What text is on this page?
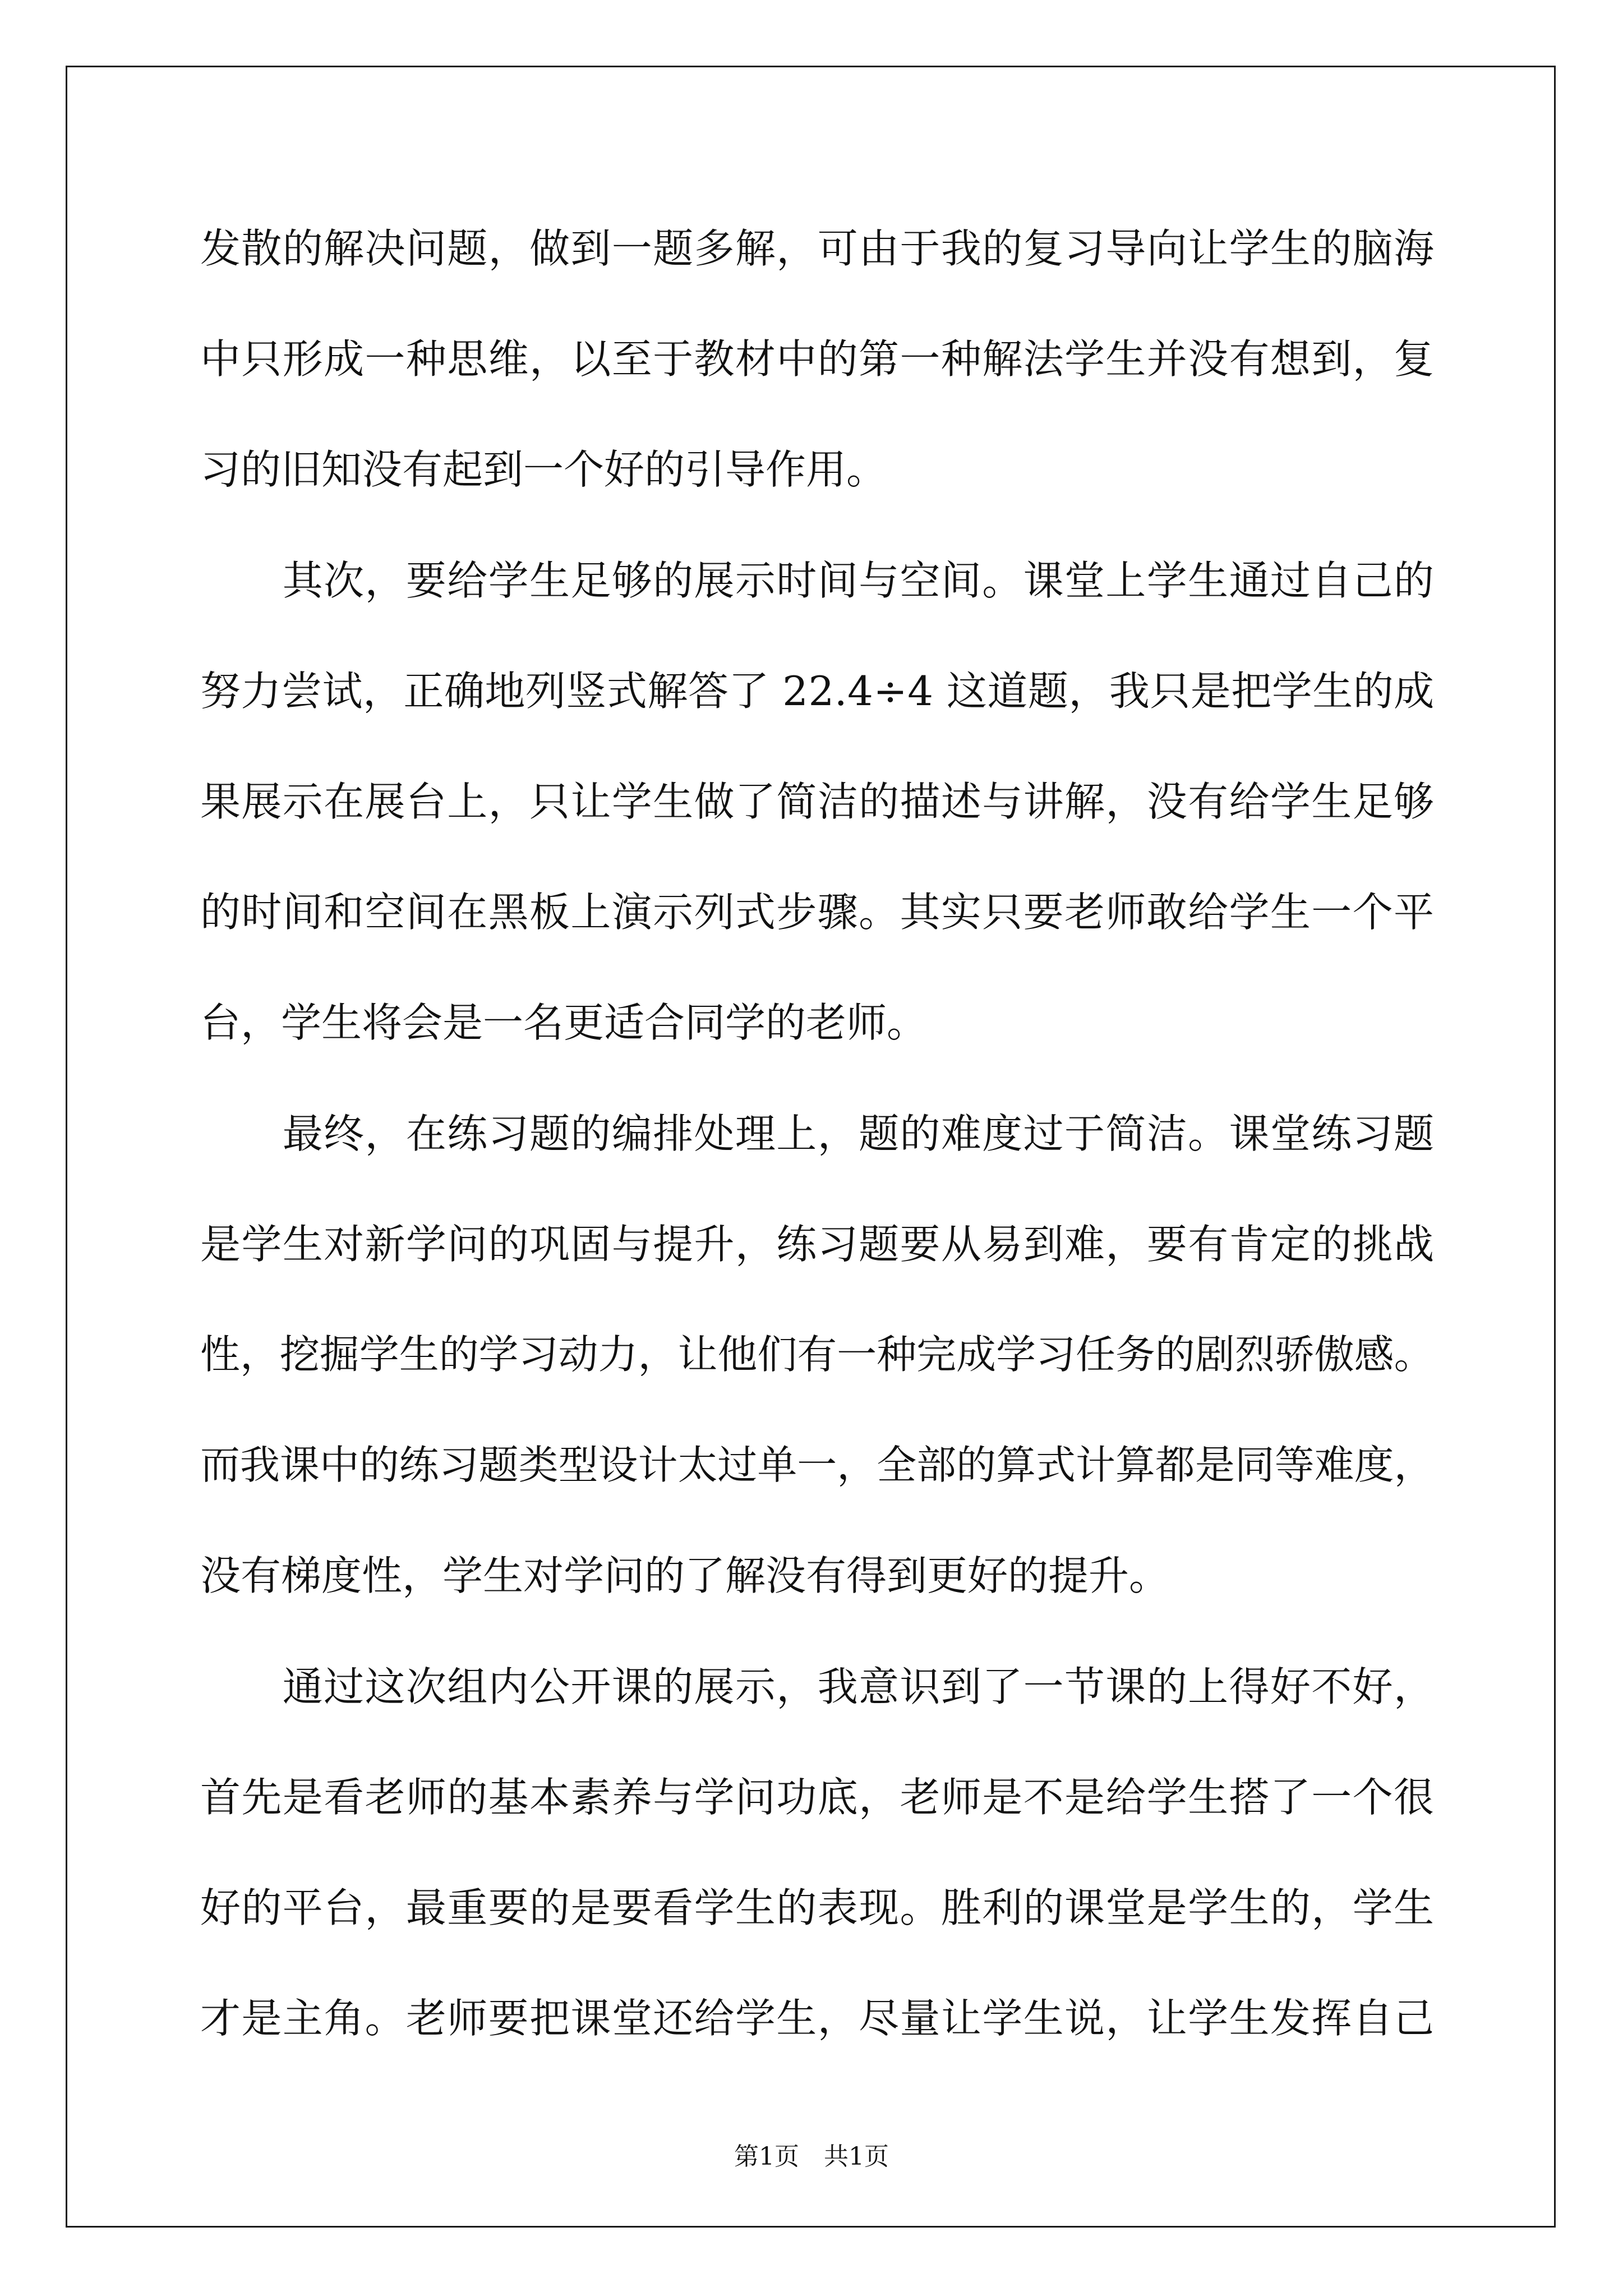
发散的解决问题，做到一题多解，可由于我的复习导向让学生的脑海
中只形成一种思维，以至于教材中的第一种解法学生并没有想到，复
习的旧知没有起到一个好的引导作用。
　　其次，要给学生足够的展示时间与空间。课堂上学生通过自己的
努力尝试，正确地列竖式解答了 22.4÷4 这道题，我只是把学生的成
果展示在展台上，只让学生做了简洁的描述与讲解，没有给学生足够
的时间和空间在黑板上演示列式步骤。其实只要老师敢给学生一个平
台，学生将会是一名更适合同学的老师。
　　最终，在练习题的编排处理上，题的难度过于简洁。课堂练习题
是学生对新学问的巩固与提升，练习题要从易到难，要有肯定的挑战
性，挖掘学生的学习动力，让他们有一种完成学习任务的剧烈骄傲感。
而我课中的练习题类型设计太过单一，全部的算式计算都是同等难度，
没有梯度性，学生对学问的了解没有得到更好的提升。
　　通过这次组内公开课的展示，我意识到了一节课的上得好不好，
首先是看老师的基本素养与学问功底，老师是不是给学生搭了一个很
好的平台，最重要的是要看学生的表现。胜利的课堂是学生的，学生
才是主角。老师要把课堂还给学生，尽量让学生说，让学生发挥自己
第1页　共1页
